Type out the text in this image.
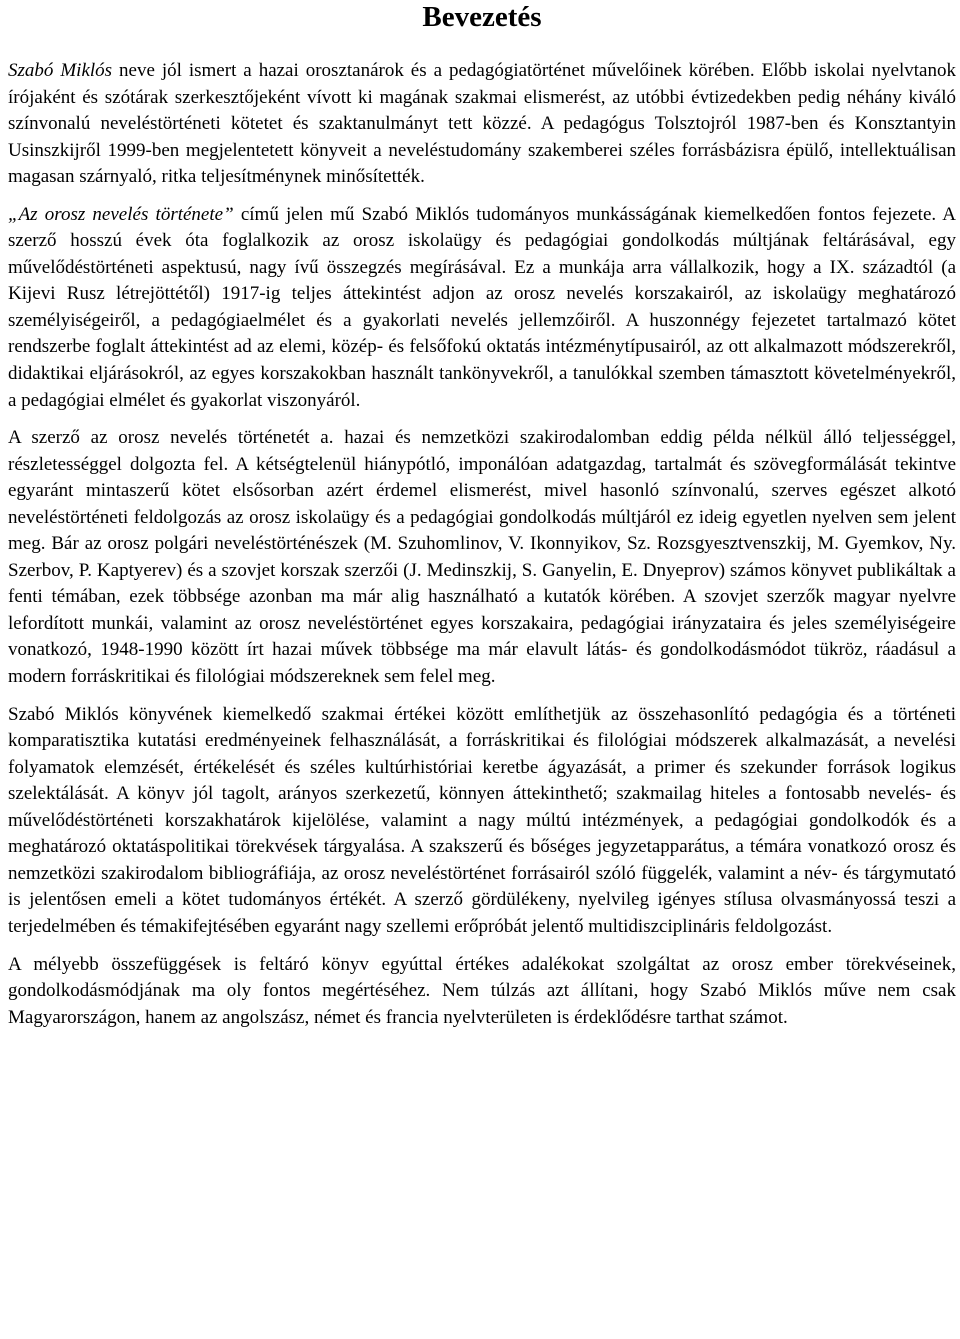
Bevezetés

Szabó Miklós neve jól ismert a hazai orosztanárok és a pedagógiatörténet művelőinek körében. Előbb iskolai nyelvtanok írójaként és szótárak szerkesztőjeként vívott ki magának szakmai elismerést, az utóbbi évtizedekben pedig néhány kiváló színvonalú neveléstörténeti kötetet és szaktanulmányt tett közzé. A pedagógus Tolsztojról 1987-ben és Konsztantyin Usinszkijről 1999-ben megjelentetett könyveit a neveléstudomány szakemberei széles forrásbázisra épülő, intellektuálisan magasan szárnyaló, ritka teljesítménynek minősítették.

„Az orosz nevelés története” című jelen mű Szabó Miklós tudományos munkásságának kiemelkedően fontos fejezete. A szerző hosszú évek óta foglalkozik az orosz iskolaügy és pedagógiai gondolkodás múltjának feltárásával, egy művelődéstörténeti aspektusú, nagy ívű összegzés megírásával. Ez a munkája arra vállalkozik, hogy a IX. századtól (a Kijevi Rusz létrejöttétől) 1917-ig teljes áttekintést adjon az orosz nevelés korszakairól, az iskolaügy meghatározó személyiségeiről, a pedagógiaelmélet és a gyakorlati nevelés jellemzőiről. A huszonnégy fejezetet tartalmazó kötet rendszerbe foglalt áttekintést ad az elemi, közép- és felsőfokú oktatás intézménytípusairól, az ott alkalmazott módszerekről, didaktikai eljárásokról, az egyes korszakokban használt tankönyvekről, a tanulókkal szemben támasztott követelményekről, a pedagógiai elmélet és gyakorlat viszonyáról.

A szerző az orosz nevelés történetét a. hazai és nemzetközi szakirodalomban eddig példa nélkül álló teljességgel, részletességgel dolgozta fel. A kétségtelenül hiánypótló, imponálóan adatgazdag, tartalmát és szövegformálását tekintve egyaránt mintaszerű kötet elsősorban azért érdemel elismerést, mivel hasonló színvonalú, szerves egészet alkotó neveléstörténeti feldolgozás az orosz iskolaügy és a pedagógiai gondolkodás múltjáról ez ideig egyetlen nyelven sem jelent meg. Bár az orosz polgári neveléstörténészek (M. Szuhomlinov, V. Ikonnyikov, Sz. Rozsgyesztvenszkij, M. Gyemkov, Ny. Szerbov, P. Kaptyerev) és a szovjet korszak szerzői (J. Medinszkij, S. Ganyelin, E. Dnyeprov) számos könyvet publikáltak a fenti témában, ezek többsége azonban ma már alig használható a kutatók körében. A szovjet szerzők magyar nyelvre lefordított munkái, valamint az orosz neveléstörténet egyes korszakaira, pedagógiai irányzataira és jeles személyiségeire vonatkozó, 1948-1990 között írt hazai művek többsége ma már elavult látás- és gondolkodásmódot tükröz, ráadásul a modern forráskritikai és filológiai módszereknek sem felel meg.

Szabó Miklós könyvének kiemelkedő szakmai értékei között említhetjük az összehasonlító pedagógia és a történeti komparatisztika kutatási eredményeinek felhasználását, a forráskritikai és filológiai módszerek alkalmazását, a nevelési folyamatok elemzését, értékelését és széles kultúrhistóriai keretbe ágyazását, a primer és szekunder források logikus szelektálását. A könyv jól tagolt, arányos szerkezetű, könnyen áttekinthető; szakmailag hiteles a fontosabb nevelés- és művelődéstörténeti korszakhatárok kijelölése, valamint a nagy múltú intézmények, a pedagógiai gondolkodók és a meghatározó oktatáspolitikai törekvések tárgyalása. A szakszerű és bőséges jegyzetapparátus, a témára vonatkozó orosz és nemzetközi szakirodalom bibliográfiája, az orosz neveléstörténet forrásairól szóló függelék, valamint a név- és tárgymutató is jelentősen emeli a kötet tudományos értékét. A szerző gördülékeny, nyelvileg igényes stílusa olvasmányossá teszi a terjedelmében és témakifejtésében egyaránt nagy szellemi erőpróbát jelentő multidiszciplináris feldolgozást.

A mélyebb összefüggések is feltáró könyv egyúttal értékes adalékokat szolgáltat az orosz ember törekvéseinek, gondolkodásmódjának ma oly fontos megértéséhez. Nem túlzás azt állítani, hogy Szabó Miklós műve nem csak Magyarországon, hanem az angolszász, német és francia nyelvterületen is érdeklődésre tarthat számot.
